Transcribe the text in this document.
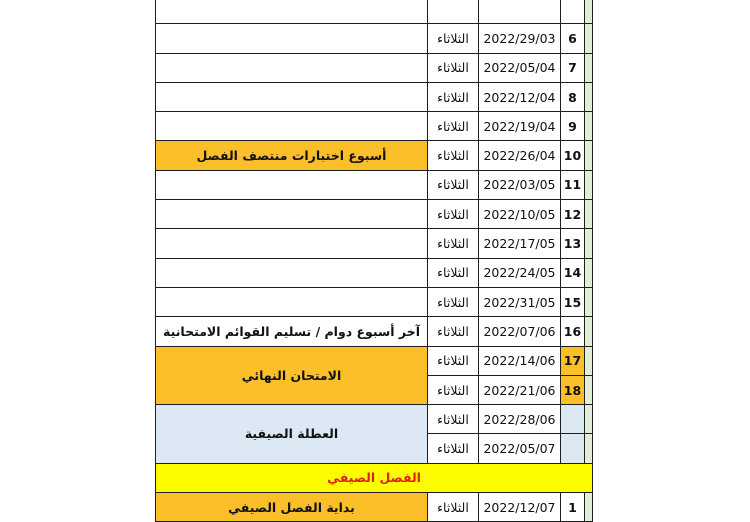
	الثلاثاء	2022/29/03	6	
	الثلاثاء	2022/05/04	7	
	الثلاثاء	2022/12/04	8	
	الثلاثاء	2022/19/04	9	
أسبوع اختبارات منتصف الفصل	الثلاثاء	2022/26/04	10	
	الثلاثاء	2022/03/05	11	
	الثلاثاء	2022/10/05	12	
	الثلاثاء	2022/17/05	13	
	الثلاثاء	2022/24/05	14	
	الثلاثاء	2022/31/05	15	
آخر أسبوع دوام / تسليم القوائم الامتحانية	الثلاثاء	2022/07/06	16	
الامتحان النهائي	الثلاثاء	2022/14/06	17	
	الثلاثاء	2022/21/06	18	
العطلة الصيفية	الثلاثاء	2022/28/06		
	الثلاثاء	2022/05/07		
الفصل الصيفي				
بداية الفصل الصيفي	الثلاثاء	2022/12/07	1	
